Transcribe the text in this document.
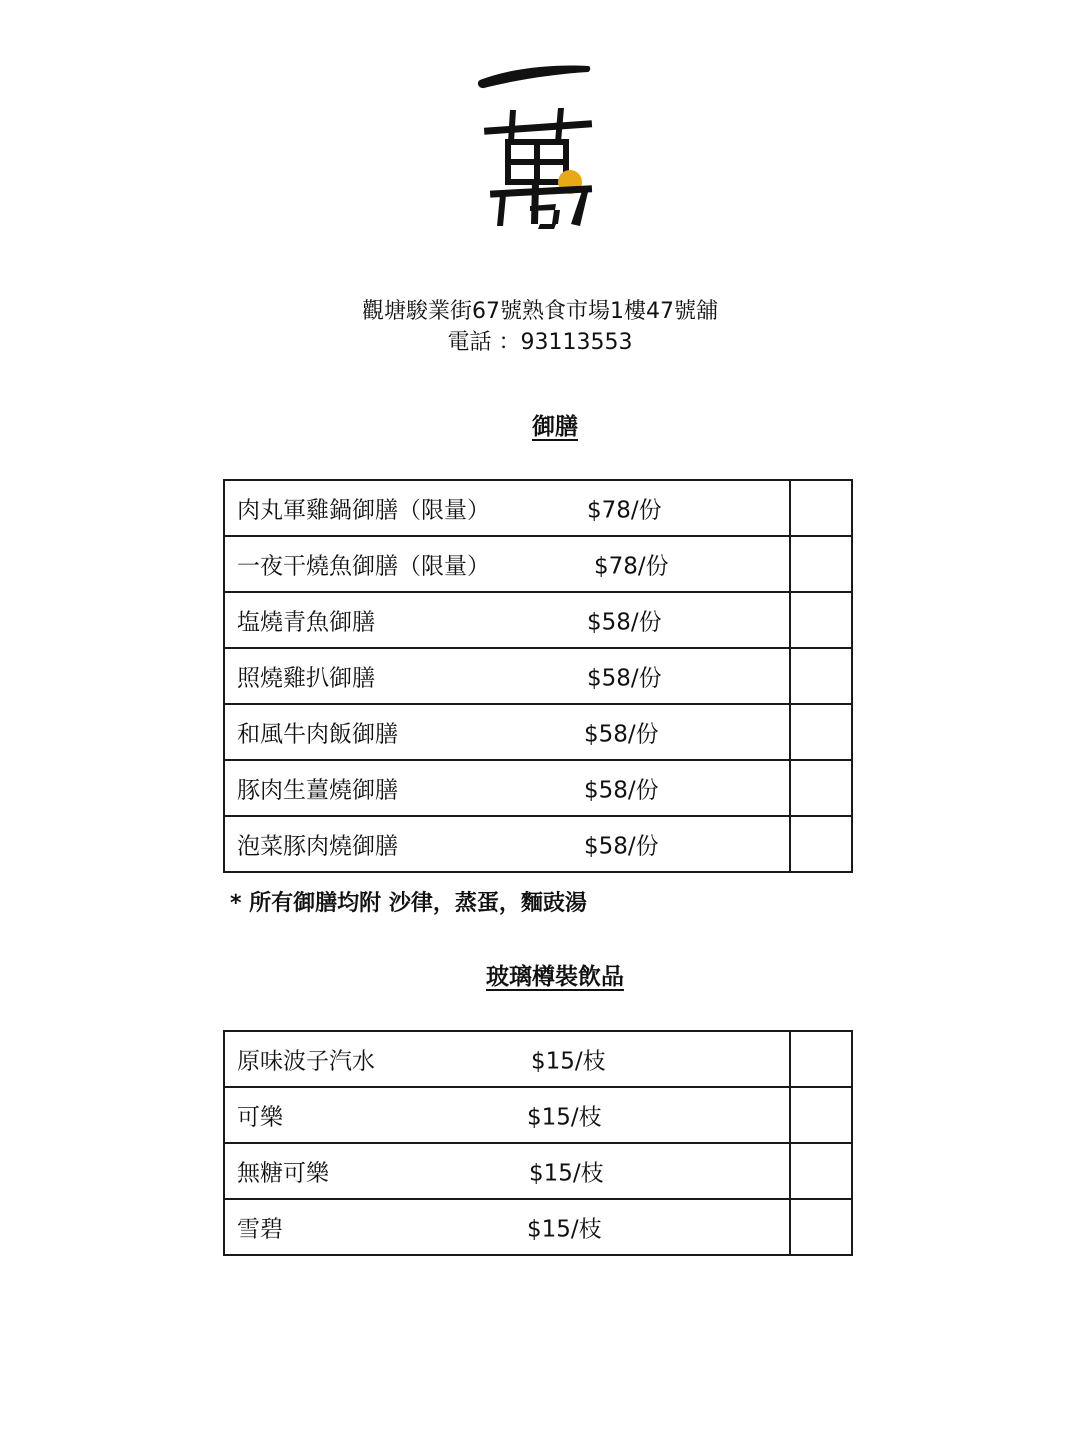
觀塘駿業街67號熟食市場1樓47號舖
電話 ：93113553
御膳
肉丸軍雞鍋御膳（限量） $78/份	

一夜干燒魚御膳（限量） $78/份	

塩燒青魚御膳 $58/份	

照燒雞扒御膳 $58/份	

和風牛肉飯御膳 $58/份	

豚肉生薑燒御膳 $58/份	

泡菜豚肉燒御膳 $58/份	

* 所有御膳均附 沙律，蒸蛋，麵豉湯
玻璃樽裝飲品
原味波子汽水 $15/枝	

可樂 $15/枝	

無糖可樂 $15/枝	

雪碧 $15/枝	
